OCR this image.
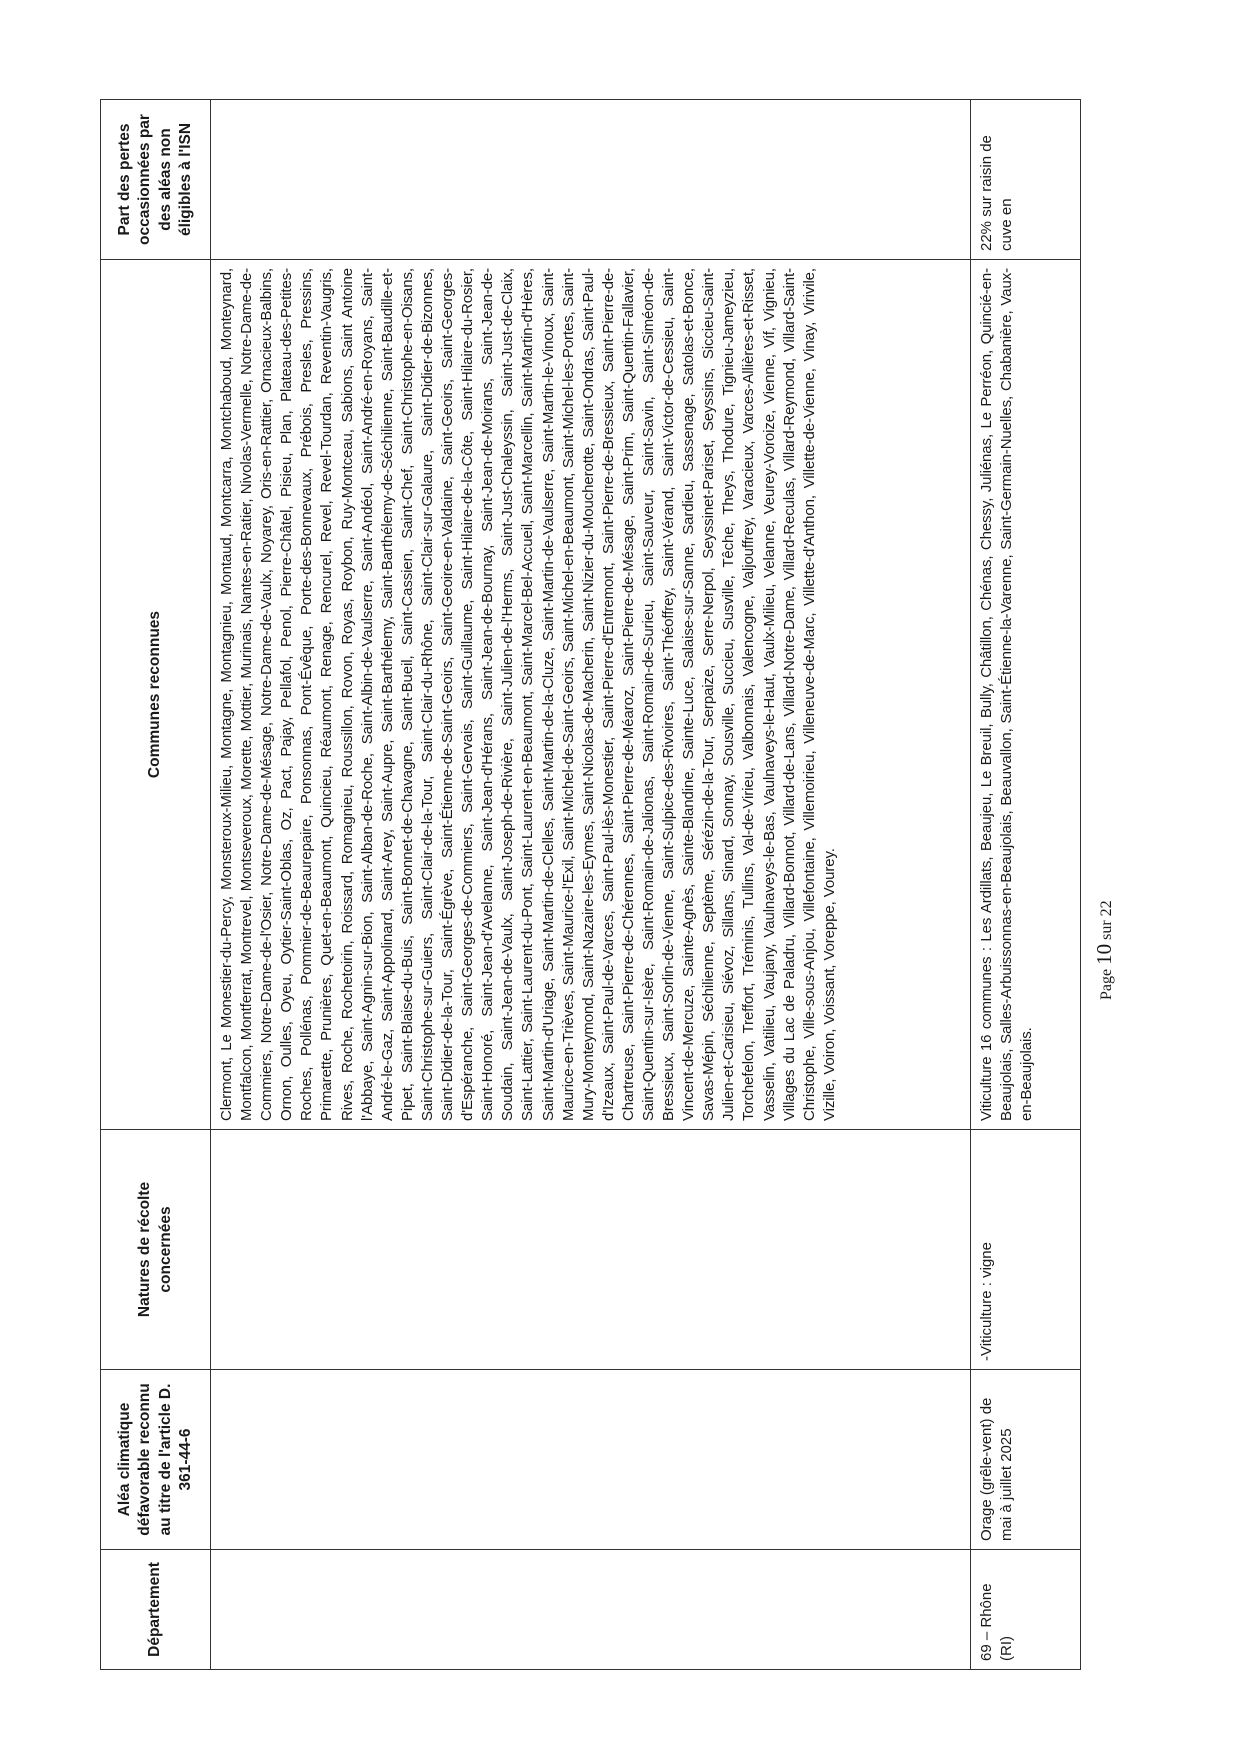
Département	Aléa climatique défavorable reconnu au titre de l'article D. 361-44-6	Natures de récolte concernées	Communes reconnues	Part des pertes occasionnées par des aléas non éligibles à l'ISN
			Clermont, Le Monestier-du-Percy, Monsteroux-Milieu, Montagne, Montagnieu, Montaud, Montcarra, Montchaboud, Monteynard, Montfalcon, Montferrat, Montrevel, Montseveroux, Morette, Mottier, Murinais, Nantes-en-Ratier, Nivolas-Vermelle, Notre-Dame-de-Commiers, Notre-Dame-de-l'Osier, Notre-Dame-de-Mésage, Notre-Dame-de-Vaulx, Noyarey, Oris-en-Rattier, Ornacieux-Balbins, Ornon, Oulles, Oyeu, Oytier-Saint-Oblas, Oz, Pact, Pajay, Pellafol, Penol, Pierre-Châtel, Pisieu, Plan, Plateau-des-Petites-Roches, Pollénas, Pommier-de-Beaurepaire, Ponsonnas, Pont-Évêque, Porte-des-Bonnevaux, Prébois, Presles, Pressins, Primarette, Prunières, Quet-en-Beaumont, Quincieu, Réaumont, Renage, Rencurel, Revel, Revel-Tourdan, Reventin-Vaugris, Rives, Roche, Rochetoirin, Roissard, Romagnieu, Roussillon, Rovon, Royas, Roybon, Ruy-Montceau, Sabions, Saint Antoine l'Abbaye, Saint-Agnin-sur-Bion, Saint-Alban-de-Roche, Saint-Albin-de-Vaulserre, Saint-Andéol, Saint-André-en-Royans, Saint-André-le-Gaz, Saint-Appolinard, Saint-Arey, Saint-Aupre, Saint-Barthélemy, Saint-Barthélemy-de-Séchilienne, Saint-Baudille-et-Pipet, Saint-Blaise-du-Buis, Saint-Bonnet-de-Chavagne, Saint-Bueil, Saint-Cassien, Saint-Chef, Saint-Christophe-en-Oisans, Saint-Christophe-sur-Guiers, Saint-Clair-de-la-Tour, Saint-Clair-du-Rhône, Saint-Clair-sur-Galaure, Saint-Didier-de-Bizonnes, Saint-Didier-de-la-Tour, Saint-Égrève, Saint-Étienne-de-Saint-Geoirs, Saint-Geoire-en-Valdaine, Saint-Geoirs, Saint-Georges-d'Espéranche, Saint-Georges-de-Commiers, Saint-Gervais, Saint-Guillaume, Saint-Hilaire-de-la-Côte, Saint-Hilaire-du-Rosier, Saint-Honoré, Saint-Jean-d'Avelanne, Saint-Jean-d'Hérans, Saint-Jean-de-Bournay, Saint-Jean-de-Moirans, Saint-Jean-de-Soudain, Saint-Jean-de-Vaulx, Saint-Joseph-de-Rivière, Saint-Julien-de-l'Herms, Saint-Just-Chaleyssin, Saint-Just-de-Claix, Saint-Lattier, Saint-Laurent-du-Pont, Saint-Laurent-en-Beaumont, Saint-Marcel-Bel-Accueil, Saint-Marcellin, Saint-Martin-d'Hères, Saint-Martin-d'Uriage, Saint-Martin-de-Clelles, Saint-Martin-de-la-Cluze, Saint-Martin-de-Vaulserre, Saint-Martin-le-Vinoux, Saint-Maurice-en-Trièves, Saint-Maurice-l'Exil, Saint-Michel-de-Saint-Geoirs, Saint-Michel-en-Beaumont, Saint-Michel-les-Portes, Saint-Mury-Monteymond, Saint-Nazaire-les-Eymes, Saint-Nicolas-de-Macherin, Saint-Nizier-du-Moucherotte, Saint-Ondras, Saint-Paul-d'Izeaux, Saint-Paul-de-Varces, Saint-Paul-lès-Monestier, Saint-Pierre-d'Entremont, Saint-Pierre-de-Bressieux, Saint-Pierre-de-Chartreuse, Saint-Pierre-de-Chérennes, Saint-Pierre-de-Méaroz, Saint-Pierre-de-Mésage, Saint-Prim, Saint-Quentin-Fallavier, Saint-Quentin-sur-Isère, Saint-Romain-de-Jalionas, Saint-Romain-de-Surieu, Saint-Sauveur, Saint-Savin, Saint-Siméon-de-Bressieux, Saint-Sorlin-de-Vienne, Saint-Sulpice-des-Rivoires, Saint-Théoffrey, Saint-Vérand, Saint-Victor-de-Cessieu, Saint-Vincent-de-Mercuze, Sainte-Agnès, Sainte-Blandine, Sainte-Luce, Salaise-sur-Sanne, Sardieu, Sassenage, Satolas-et-Bonce, Savas-Mépin, Séchilienne, Septème, Sérézin-de-la-Tour, Serpaize, Serre-Nerpol, Seyssinet-Pariset, Seyssins, Siccieu-Saint-Julien-et-Carisieu, Siévoz, Sillans, Sinard, Sonnay, Sousville, Succieu, Susville, Têche, Theys, Thodure, Tignieu-Jameyzieu, Torchefelon, Treffort, Tréminis, Tullins, Val-de-Virieu, Valbonnais, Valencogne, Valjouffrey, Varacieux, Varces-Allières-et-Risset, Vasselin, Vatilieu, Vaujany, Vaulnaveys-le-Bas, Vaulnaveys-le-Haut, Vaulx-Milieu, Velanne, Veurey-Voroize, Vienne, Vif, Vignieu, Villages du Lac de Paladru, Villard-Bonnot, Villard-de-Lans, Villard-Notre-Dame, Villard-Reculas, Villard-Reymond, Villard-Saint-Christophe, Ville-sous-Anjou, Villefontaine, Villemoirieu, Villeneuve-de-Marc, Villette-d'Anthon, Villette-de-Vienne, Vinay, Virivile, Vizille, Voiron, Voissant, Voreppe, Vourey.	
69 – Rhône (RI)	Orage (grêle-vent) de mai à juillet 2025	-Viticulture : vigne	Viticulture 16 communes : Les Ardillats, Beaujeu, Le Breuil, Bully, Châtillon, Chénas, Chessy, Juliénas, Le Perréon, Quincié-en-Beaujolais, Salles-Arbuissonnas-en-Beaujolais, Beauvallon, Saint-Étienne-la-Varenne, Saint-Germain-Nuelles, Chabanière, Vaux-en-Beaujolais.	22% sur raisin de cuve en
Page 10 sur 22
